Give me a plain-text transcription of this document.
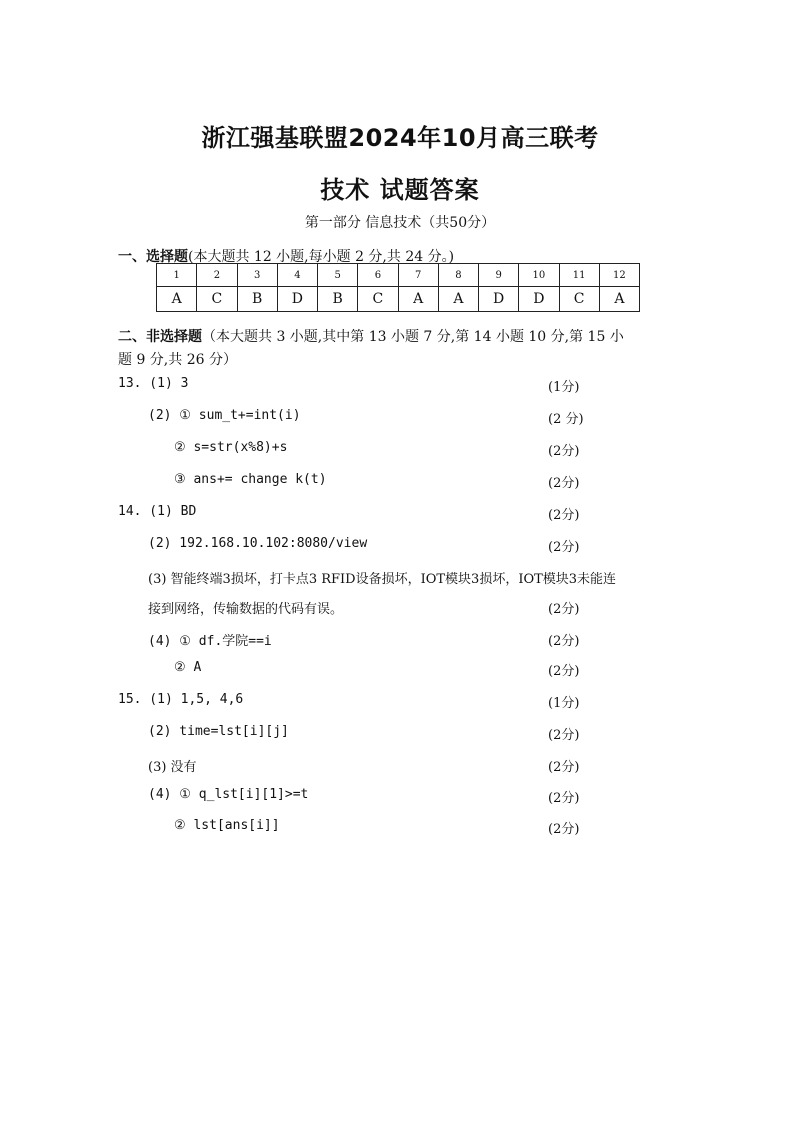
浙江强基联盟2024年10月高三联考
技术 试题答案
第一部分 信息技术（共50分）
一、选择题(本大题共 12 小题,每小题 2 分,共 24 分。)
1	2	3	4	5	6	7	8	9	10	11	12
A	C	B	D	B	C	A	A	D	D	C	A
二、非选择题（本大题共 3 小题,其中第 13 小题 7 分,第 14 小题 10 分,第 15 小
题 9 分,共 26 分）
13. (1) 3	(1分)
(2) ① sum_t+=int(i)	(2 分)
② s=str(x%8)+s	(2分)
③ ans+= change k(t)	(2分)
14. (1) BD	(2分)
(2) 192.168.10.102:8080/view	(2分)
(3) 智能终端3损坏，打卡点3 RFID设备损坏，IOT模块3损坏，IOT模块3未能连
接到网络，传输数据的代码有误。	(2分)
(4) ① df.学院==i	(2分)
② A	(2分)
15. (1) 1,5, 4,6	(1分)
(2) time=lst[i][j]	(2分)
(3) 没有	(2分)
(4) ① q_lst[i][1]>=t	(2分)
② lst[ans[i]]	(2分)
